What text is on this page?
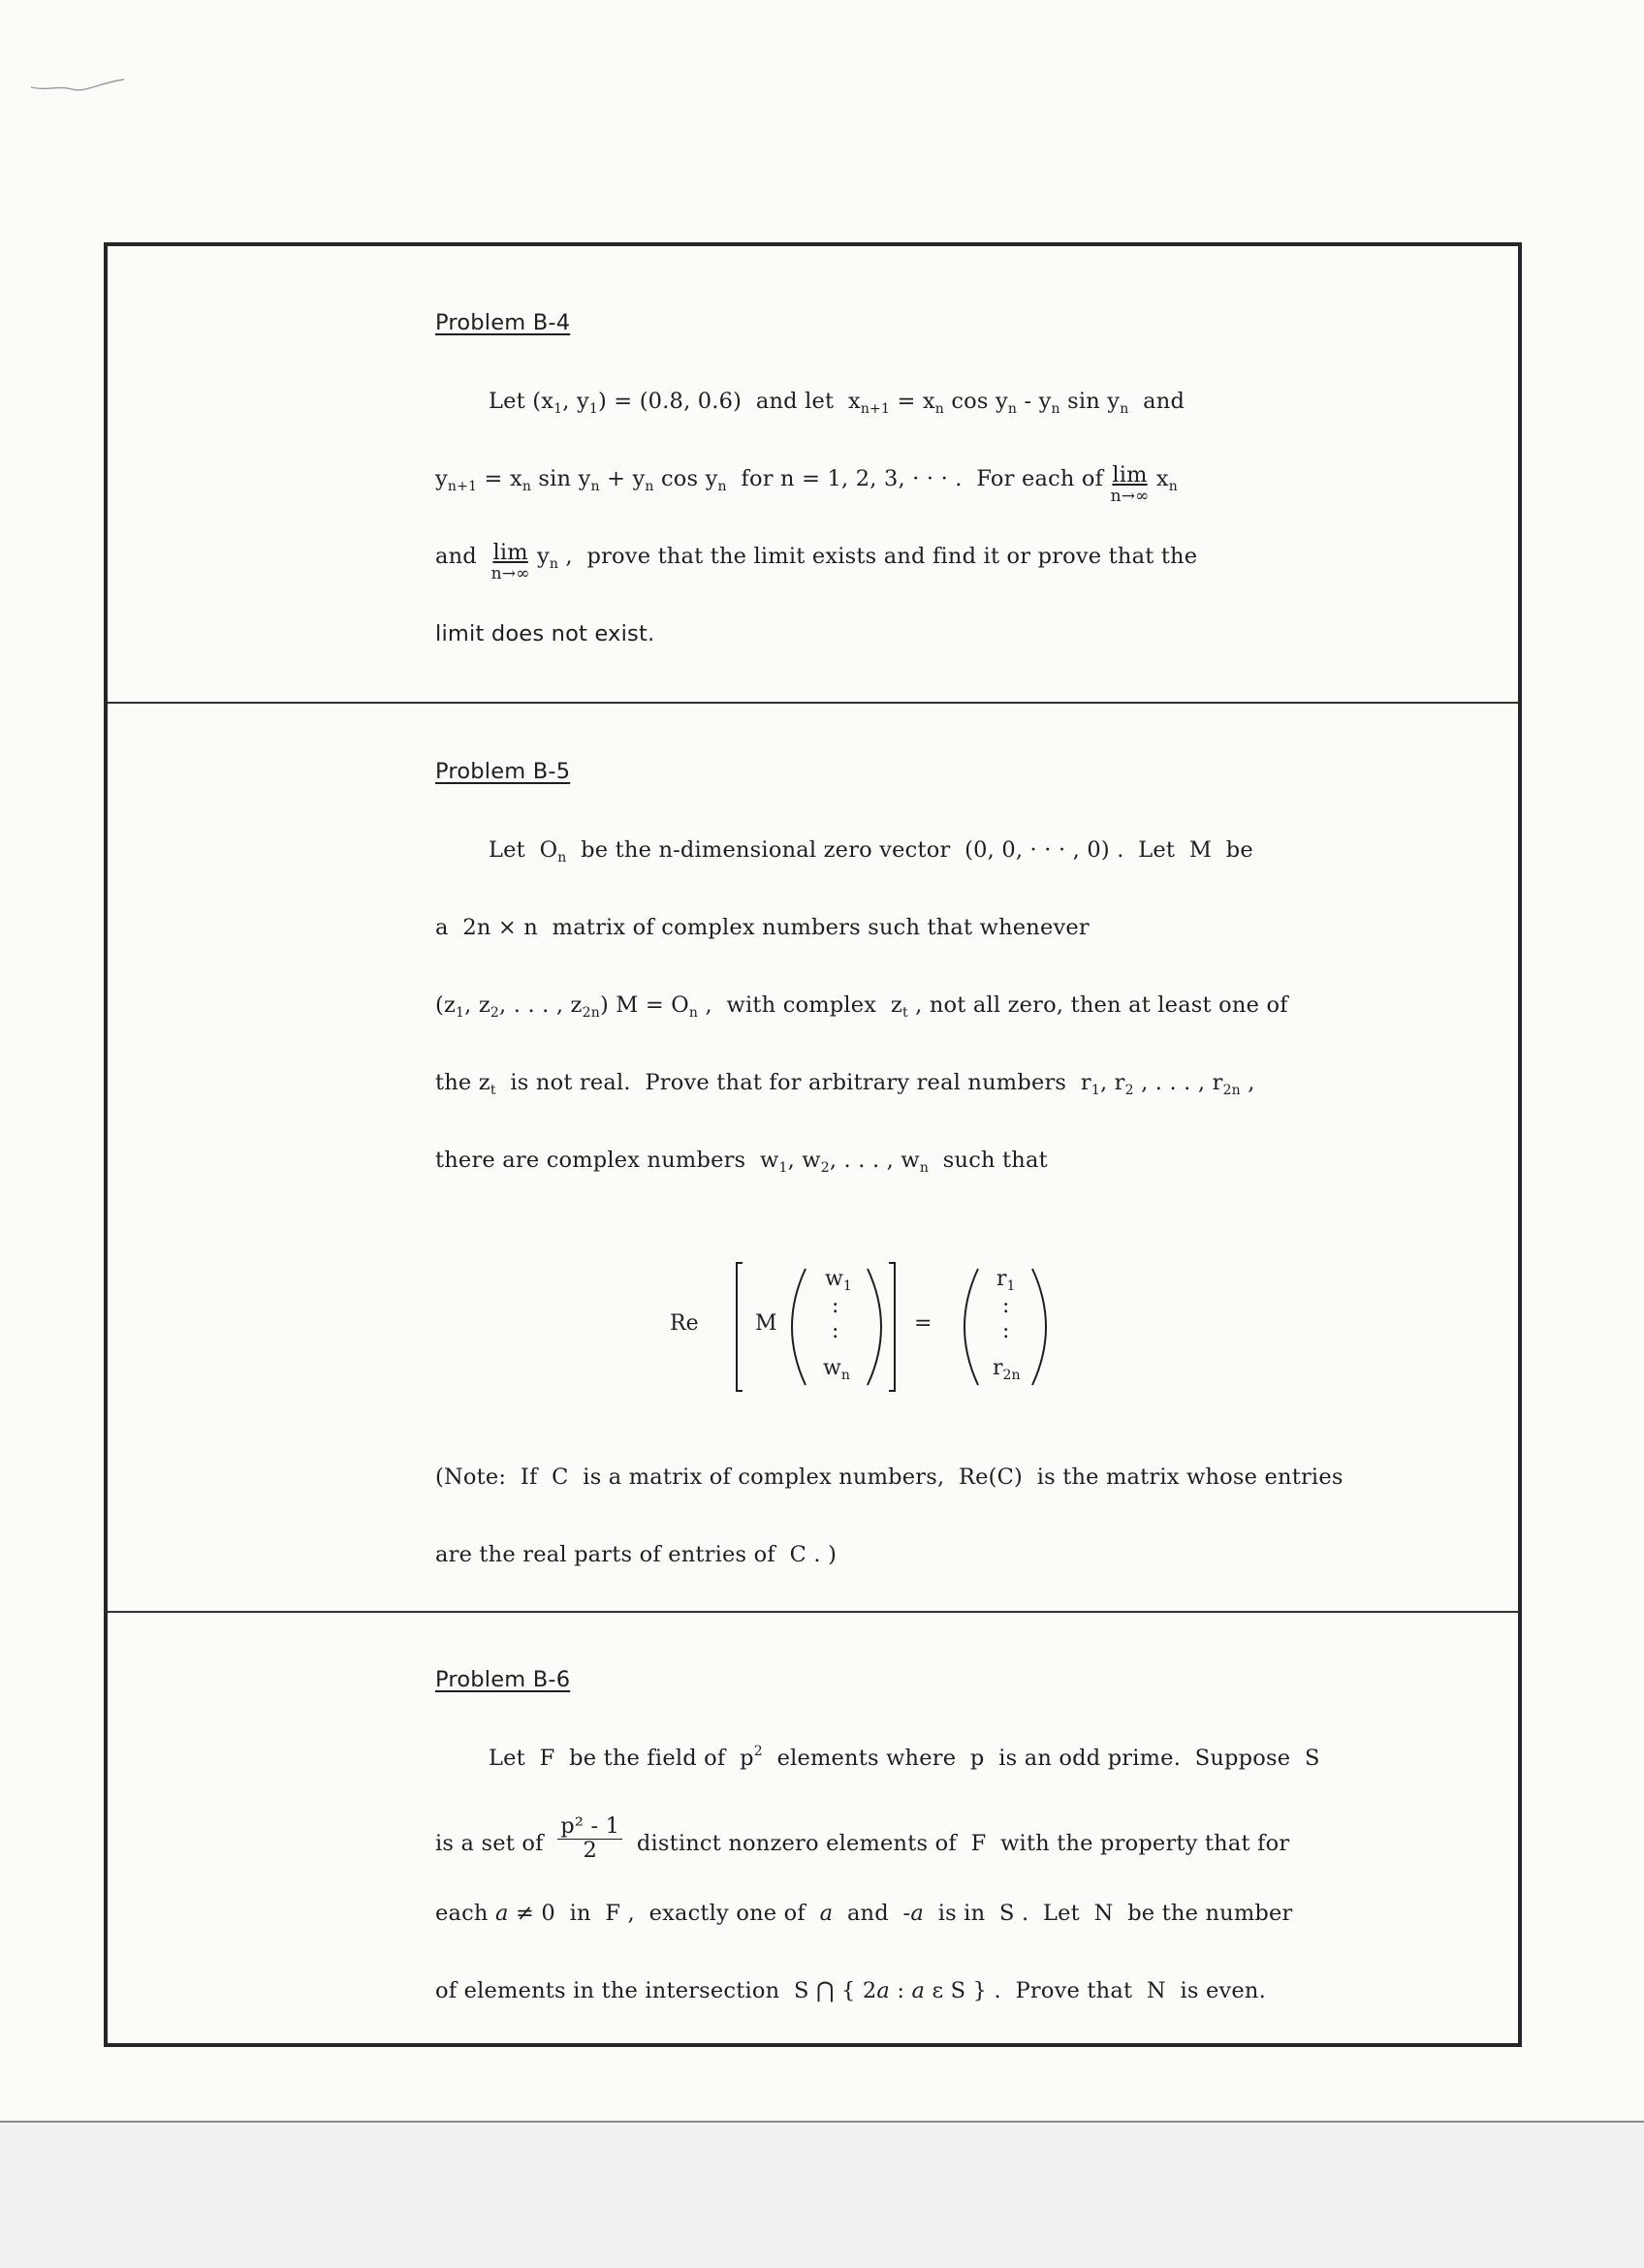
Problem B-4

Let ($x_1$, $y_1) = (0.8$, 0.6)  and let  $x_{n+1} = x_n$ $\cos y_n - y_n$ $\sin y_n$  and

$y_{n+1} = x_n$ $\sin y_n + y_n$ $\cos y_n$  for n = 1, 2, 3, · · · .  For each of lim
n→∞
$x_n$

and lim
n→∞
$y_n$ ,  prove that the limit exists and find it or prove that the

limit does not exist.

Problem B-5

Let  $O_n$  be the n-dimensional zero vector  (0, 0, · · · , 0) .  Let  M  be

a  2n × n  matrix of complex numbers such that whenever

($z_1$, $z_2$, . . . , $z_{2n}$) $M = O_n$ ,  with complex  $z_t$ , not all zero, then at least one of

the $z_t$  is not real.  Prove that for arbitrary real numbers  $r_1$, $r_2$ , . . . , $r_{2n}$ ,

there are complex numbers  $w_1$, $w_2$, . . . , $w_n$  such that

Re	M
$w_1$
:
:
$w_n$
=
$r_1$
:
:
$r_{2n}$

(Note:  If  C  is a matrix of complex numbers,  Re(C)  is the matrix whose entries

are the real parts of entries of  C . )

Problem B-6

Let  F  be the field of  $p^2$  elements where  p  is an odd prime.  Suppose  S

is a set of $\frac{\text{p² - 1}}{2}$ distinct nonzero elements of  F  with the property that for

each a ≠ 0  in  F ,  exactly one of  a  and  -a  is in  S .  Let  N  be the number

of elements in the intersection  S ⋂ { 2a : a ε S } .  Prove that  N  is even.
